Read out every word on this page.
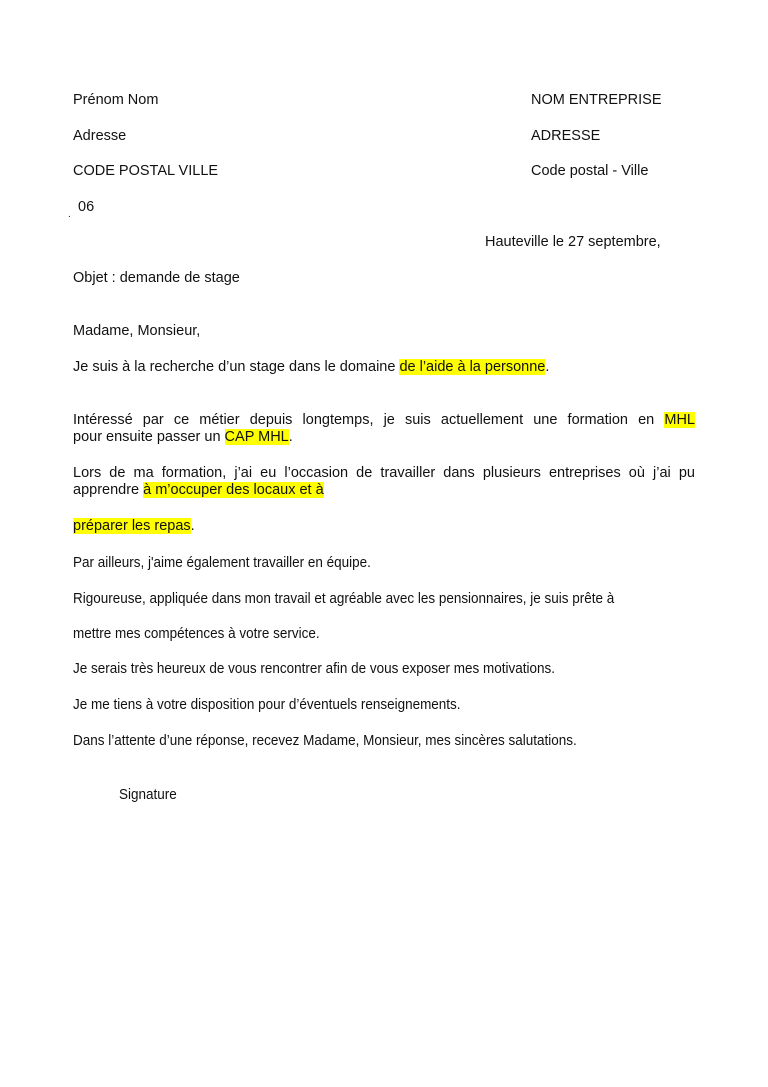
Prénom Nom
Adresse
CODE POSTAL VILLE
. 06
NOM ENTREPRISE
ADRESSE
Code postal - Ville
Hauteville le 27 septembre,
Objet : demande de stage
Madame, Monsieur,
Je suis à la recherche d’un stage dans le domaine de l’aide à la personne.
Intéressé par ce métier depuis longtemps, je suis actuellement une formation en MHL
pour ensuite passer un CAP MHL.
Lors de ma formation, j’ai eu l’occasion de travailler dans plusieurs entreprises où j’ai pu
apprendre à m’occuper des locaux et à
préparer les repas.
Par ailleurs, j'aime également travailler en équipe.
Rigoureuse, appliquée dans mon travail et agréable avec les pensionnaires, je suis prête à
mettre mes compétences à votre service.
Je serais très heureux de vous rencontrer afin de vous exposer mes motivations.
Je me tiens à votre disposition pour d’éventuels renseignements.
Dans l’attente d’une réponse, recevez Madame, Monsieur, mes sincères salutations.
Signature
